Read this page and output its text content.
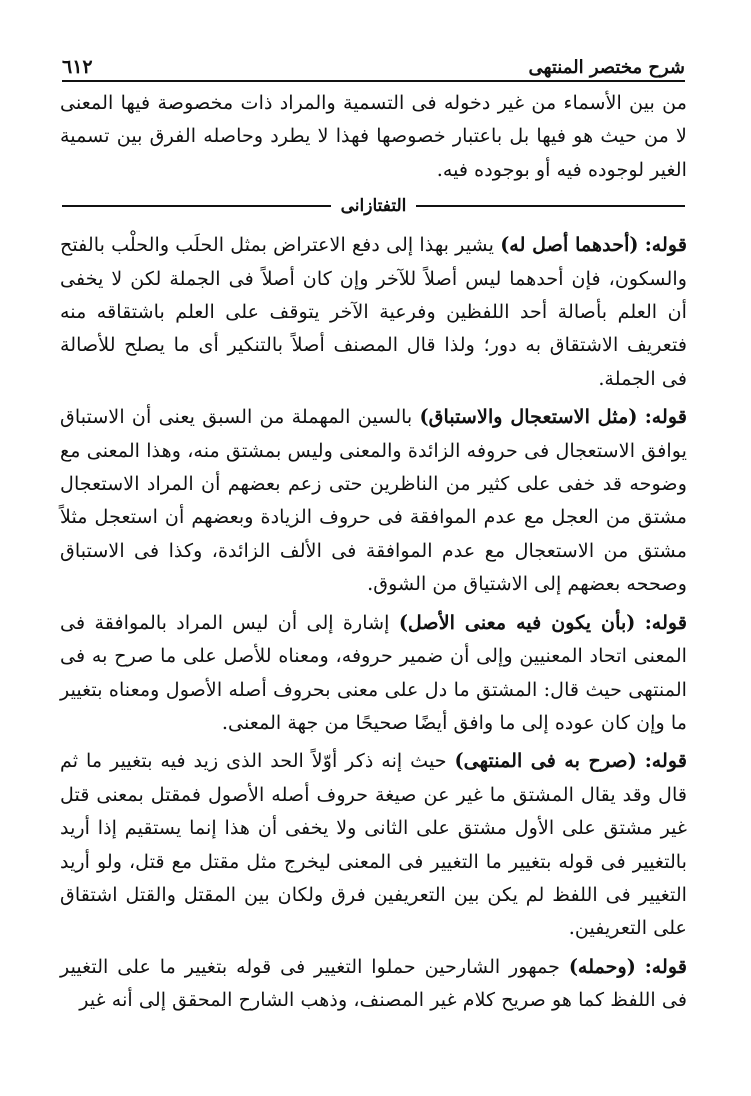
٦١٢	شرح مختصر المنتهى

من بين الأسماء من غير دخوله فى التسمية والمراد ذات مخصوصة فيها المعنى لا من حيث هو فيها بل باعتبار خصوصها فهذا لا يطرد وحاصله الفرق بين تسمية الغير لوجوده فيه أو بوجوده فيه.

التفتازانى

قوله: (أحدهما أصل له) يشير بهذا إلى دفع الاعتراض بمثل الحلَب والحلْب بالفتح والسكون، فإن أحدهما ليس أصلاً للآخر وإن كان أصلاً فى الجملة لكن لا يخفى أن العلم بأصالة أحد اللفظين وفرعية الآخر يتوقف على العلم باشتقاقه منه فتعريف الاشتقاق به دور؛ ولذا قال المصنف أصلاً بالتنكير أى ما يصلح للأصالة فى الجملة.

قوله: (مثل الاستعجال والاستباق) بالسين المهملة من السبق يعنى أن الاستباق يوافق الاستعجال فى حروفه الزائدة والمعنى وليس بمشتق منه، وهذا المعنى مع وضوحه قد خفى على كثير من الناظرين حتى زعم بعضهم أن المراد الاستعجال مشتق من العجل مع عدم الموافقة فى حروف الزيادة وبعضهم أن استعجل مثلاً مشتق من الاستعجال مع عدم الموافقة فى الألف الزائدة، وكذا فى الاستباق وصححه بعضهم إلى الاشتياق من الشوق.

قوله: (بأن يكون فيه معنى الأصل) إشارة إلى أن ليس المراد بالموافقة فى المعنى اتحاد المعنيين وإلى أن ضمير حروفه، ومعناه للأصل على ما صرح به فى المنتهى حيث قال: المشتق ما دل على معنى بحروف أصله الأصول ومعناه بتغيير ما وإن كان عوده إلى ما وافق أيضًا صحيحًا من جهة المعنى.

قوله: (صرح به فى المنتهى) حيث إنه ذكر أوّلاً الحد الذى زيد فيه بتغيير ما ثم قال وقد يقال المشتق ما غير عن صيغة حروف أصله الأصول فمقتل بمعنى قتل غير مشتق على الأول مشتق على الثانى ولا يخفى أن هذا إنما يستقيم إذا أريد بالتغيير فى قوله بتغيير ما التغيير فى المعنى ليخرج مثل مقتل مع قتل، ولو أريد التغيير فى اللفظ لم يكن بين التعريفين فرق ولكان بين المقتل والقتل اشتقاق على التعريفين.

قوله: (وحمله) جمهور الشارحين حملوا التغيير فى قوله بتغيير ما على التغيير فى اللفظ كما هو صريح كلام غير المصنف، وذهب الشارح المحقق إلى أنه غير
